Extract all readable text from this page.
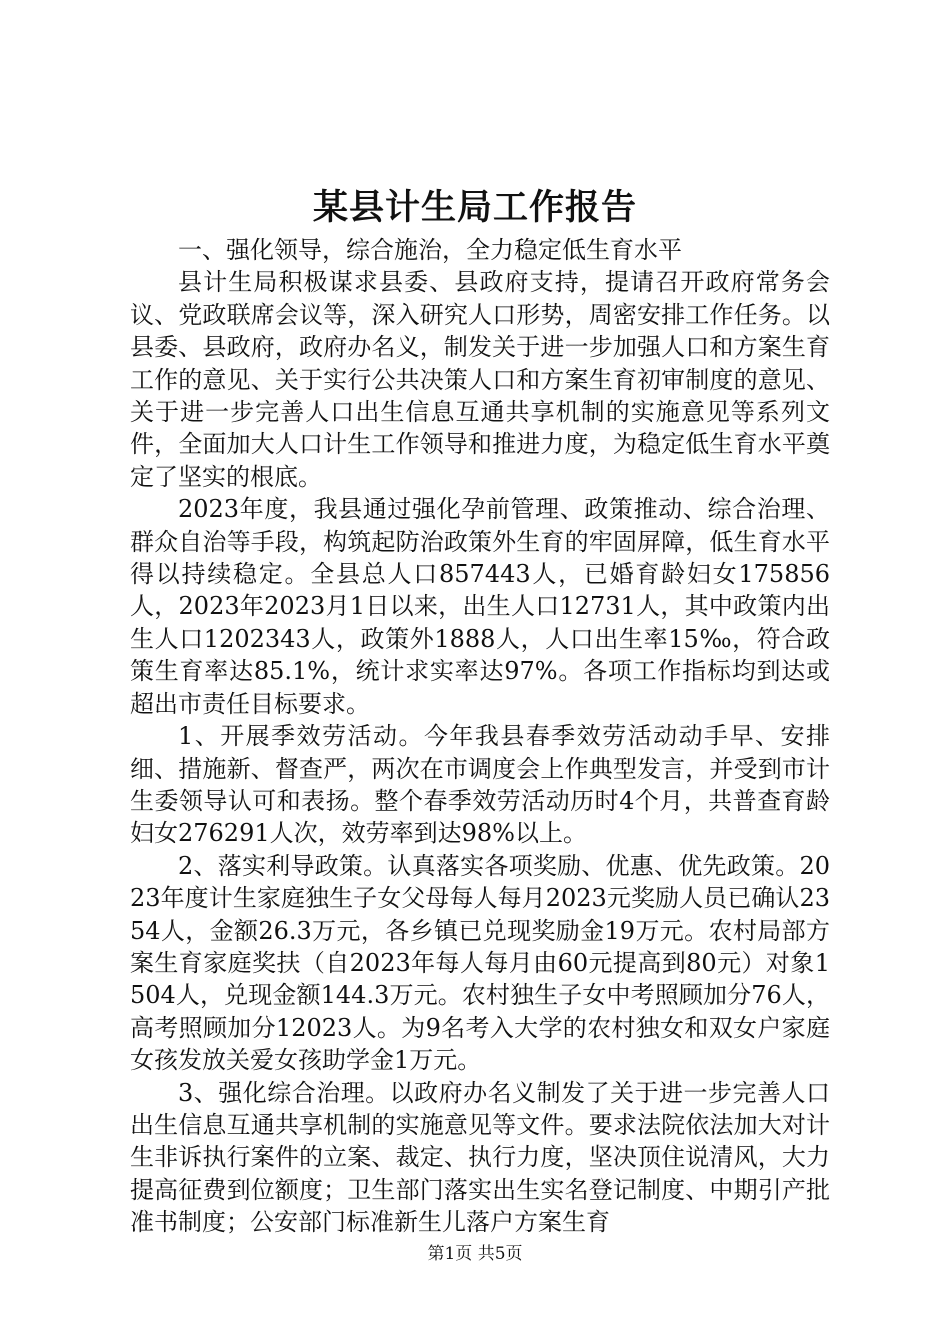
某县计生局工作报告

一、强化领导，综合施治，全力稳定低生育水平

县计生局积极谋求县委、县政府支持，提请召开政府常务会议、党政联席会议等，深入研究人口形势，周密安排工作任务。以县委、县政府，政府办名义，制发关于进一步加强人口和方案生育工作的意见、关于实行公共决策人口和方案生育初审制度的意见、关于进一步完善人口出生信息互通共享机制的实施意见等系列文件，全面加大人口计生工作领导和推进力度，为稳定低生育水平奠定了坚实的根底。

2023年度，我县通过强化孕前管理、政策推动、综合治理、群众自治等手段，构筑起防治政策外生育的牢固屏障，低生育水平得以持续稳定。全县总人口857443人，已婚育龄妇女175856人，2023年2023月1日以来，出生人口12731人，其中政策内出生人口1202343人，政策外1888人，人口出生率15‰，符合政策生育率达85.1%，统计求实率达97%。各项工作指标均到达或超出市责任目标要求。

1、开展季效劳活动。今年我县春季效劳活动动手早、安排细、措施新、督查严，两次在市调度会上作典型发言，并受到市计生委领导认可和表扬。整个春季效劳活动历时4个月，共普查育龄妇女276291人次，效劳率到达98%以上。

2、落实利导政策。认真落实各项奖励、优惠、优先政策。2023年度计生家庭独生子女父母每人每月2023元奖励人员已确认2354人，金额26.3万元，各乡镇已兑现奖励金19万元。农村局部方案生育家庭奖扶（自2023年每人每月由60元提高到80元）对象1504人，兑现金额144.3万元。农村独生子女中考照顾加分76人，高考照顾加分12023人。为9名考入大学的农村独女和双女户家庭女孩发放关爱女孩助学金1万元。

3、强化综合治理。以政府办名义制发了关于进一步完善人口出生信息互通共享机制的实施意见等文件。要求法院依法加大对计生非诉执行案件的立案、裁定、执行力度，坚决顶住说清风，大力提高征费到位额度；卫生部门落实出生实名登记制度、中期引产批准书制度；公安部门标准新生儿落户方案生育

第1页 共5页
